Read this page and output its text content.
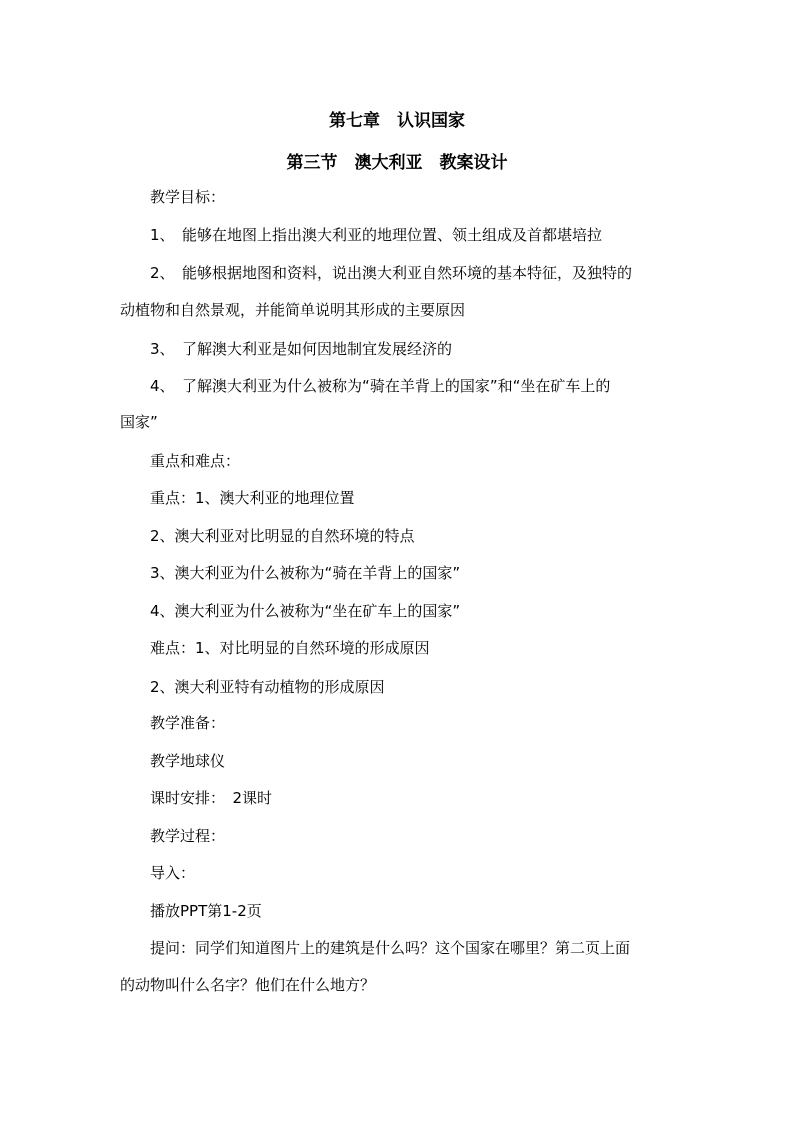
第七章　认识国家
第三节　澳大利亚　教案设计
教学目标：
1、　能够在地图上指出澳大利亚的地理位置、领土组成及首都堪培拉
2、　能够根据地图和资料，说出澳大利亚自然环境的基本特征，及独特的
动植物和自然景观，并能简单说明其形成的主要原因
3、　了解澳大利亚是如何因地制宜发展经济的
4、　了解澳大利亚为什么被称为“骑在羊背上的国家”和“坐在矿车上的
国家”
重点和难点：
重点：1、澳大利亚的地理位置
2、澳大利亚对比明显的自然环境的特点
3、澳大利亚为什么被称为“骑在羊背上的国家”
4、澳大利亚为什么被称为“坐在矿车上的国家”
难点：1、对比明显的自然环境的形成原因
2、澳大利亚特有动植物的形成原因
教学准备：
教学地球仪
课时安排：　2课时
教学过程：
导入：
播放PPT第1-2页
提问：同学们知道图片上的建筑是什么吗？这个国家在哪里？第二页上面
的动物叫什么名字？他们在什么地方？
